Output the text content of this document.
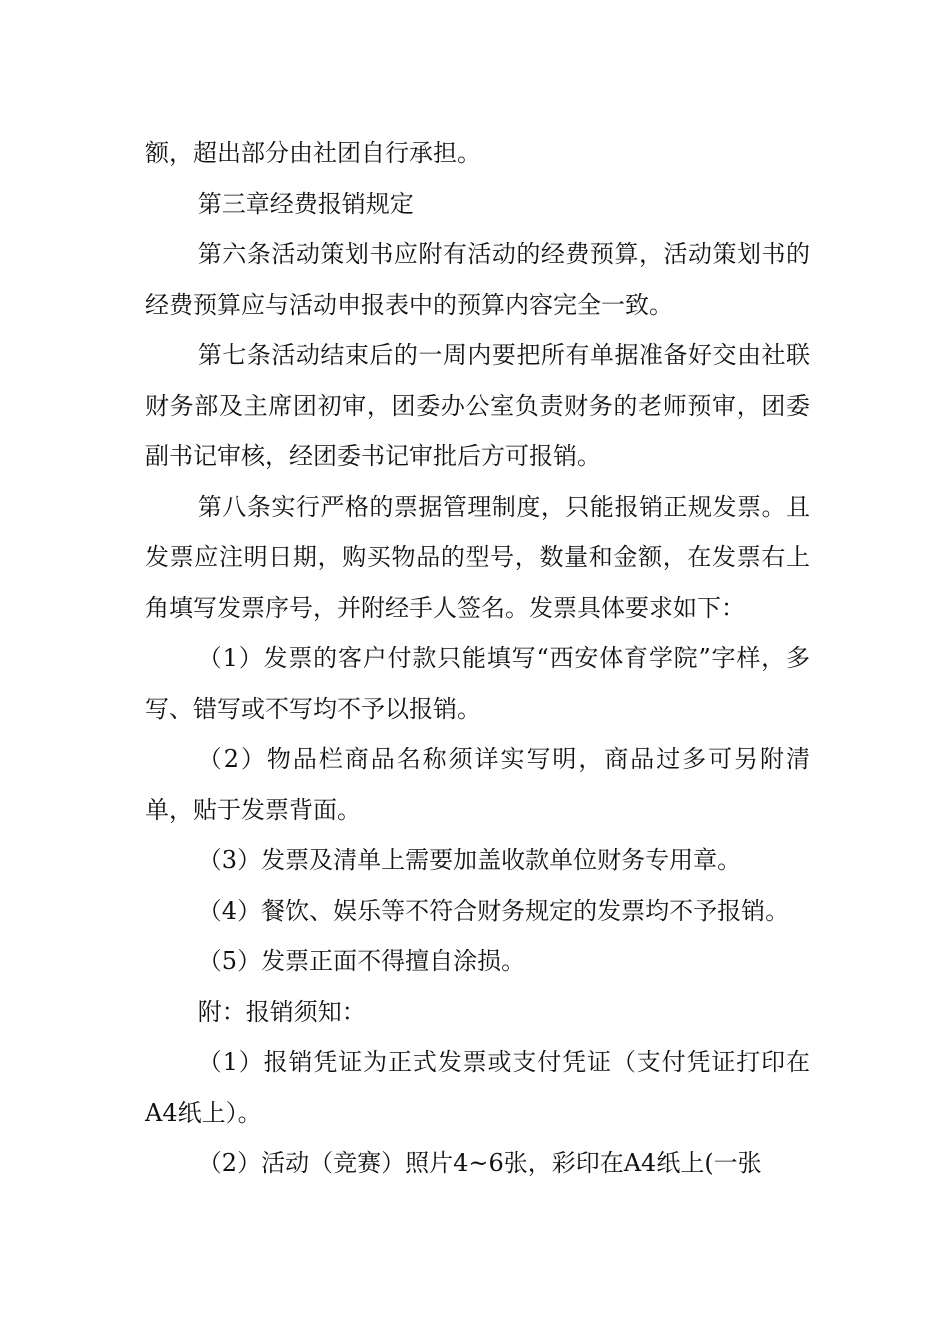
额，超出部分由社团自行承担。

第三章经费报销规定

第六条活动策划书应附有活动的经费预算，活动策划书的经费预算应与活动申报表中的预算内容完全一致。

第七条活动结束后的一周内要把所有单据准备好交由社联财务部及主席团初审，团委办公室负责财务的老师预审，团委副书记审核，经团委书记审批后方可报销。

第八条实行严格的票据管理制度，只能报销正规发票。且发票应注明日期，购买物品的型号，数量和金额，在发票右上角填写发票序号，并附经手人签名。发票具体要求如下：

（1）发票的客户付款只能填写“西安体育学院”字样，多写、错写或不写均不予以报销。

（2）物品栏商品名称须详实写明，商品过多可另附清单，贴于发票背面。

（3）发票及清单上需要加盖收款单位财务专用章。

（4）餐饮、娱乐等不符合财务规定的发票均不予报销。

（5）发票正面不得擅自涂损。

附：报销须知：

（1）报销凭证为正式发票或支付凭证（支付凭证打印在A4纸上）。

（2）活动（竞赛）照片4~6张，彩印在A4纸上(一张
